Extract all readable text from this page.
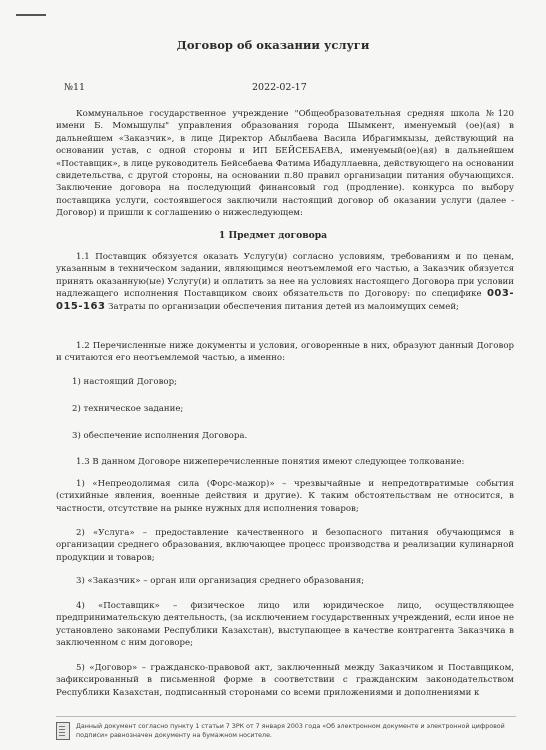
Договор об оказании услуги
№11	2022-02-17
Коммунальное государственное учреждение "Общеобразовательная средняя школа №120 имени Б. Момышулы" управления образования города Шымкент, именуемый (ое)(ая) в дальнейшем «Заказчик», в лице Директор Абылбаева Васила Ибрагимкызы, действующий на основании устав, с одной стороны и ИП БЕЙСЕБАЕВА, именуемый(ое)(ая) в дальнейшем «Поставщик», в лице руководитель Бейсебаева Фатима Ибадуллаевна, действующего на основании свидетельства, с другой стороны, на основании п.80 правил организации питания обучающихся. Заключение договора на последующий финансовый год (продление). конкурса по выбору поставщика услуги, состоявшегося заключили настоящий договор об оказании услуги (далее - Договор) и пришли к соглашению о нижеследующем:
1 Предмет договора
1.1 Поставщик обязуется оказать Услугу(и) согласно условиям, требованиям и по ценам, указанным в техническом задании, являющимся неотъемлемой его частью, а Заказчик обязуется принять оказанную(ые) Услугу(и) и оплатить за нее на условиях настоящего Договора при условии надлежащего исполнения Поставщиком своих обязательств по Договору: по спецификe 003-015-163 Затраты по организации обеспечения питания детей из малоимущих семей;
1.2 Перечисленные ниже документы и условия, оговоренные в них, образуют данный Договор и считаются его неотъемлемой частью, а именно:
1) настоящий Договор;
2) техническое задание;
3) обеспечение исполнения Договора.
1.3 В данном Договоре нижеперечисленные понятия имеют следующее толкование:
1) «Непреодолимая сила (Форс-мажор)» – чрезвычайные и непредотвратимые события (стихийные явления, военные действия и другие). К таким обстоятельствам не относится, в частности, отсутствие на рынке нужных для исполнения товаров;
2) «Услуга» – предоставление качественного и безопасного питания обучающимся в организации среднего образования, включающее процесс производства и реализации кулинарной продукции и товаров;
3) «Заказчик» – орган или организация среднего образования;
4) «Поставщик» – физическое лицо или юридическое лицо, осуществляющее предпринимательскую деятельность, (за исключением государственных учреждений, если иное не установлено законами Республики Казахстан), выступающее в качестве контрагента Заказчика в заключенном с ним договоре;
5) «Договор» – гражданско-правовой акт, заключенный между Заказчиком и Поставщиком, зафиксированный в письменной форме в соответствии с гражданским законодательством Республики Казахстан, подписанный сторонами со всеми приложениями и дополнениями к
Данный документ согласно пункту 1 статьи 7 ЗРК от 7 января 2003 года «Об электронном документе и электронной цифровой подписи» равнозначен документу на бумажном носителе.
